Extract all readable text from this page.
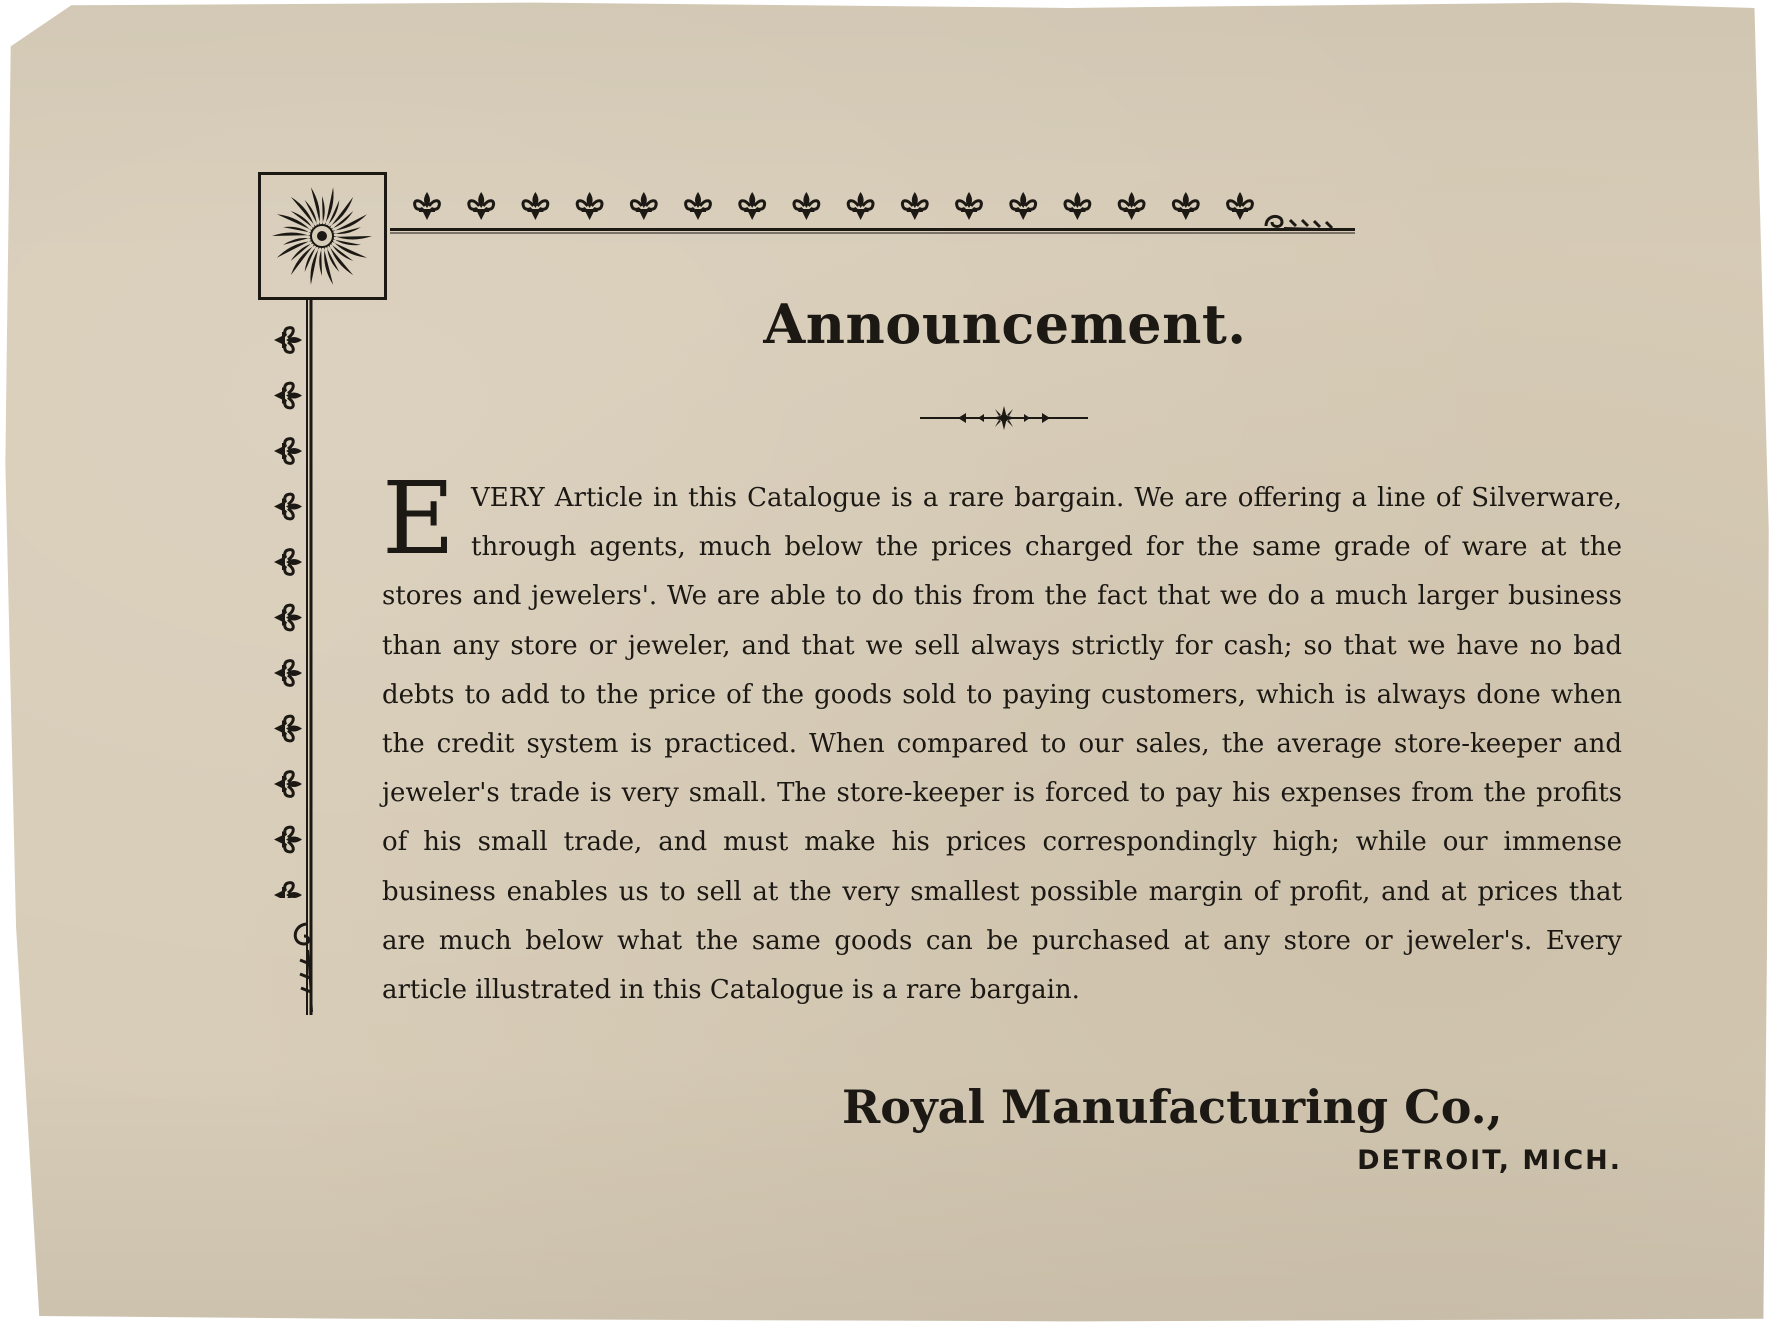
Announcement.
E VERY Article in this Catalogue is a rare bargain. We are offering a line of Silverware, through agents, much below the prices charged for the same grade of ware at the stores and jewelers'. We are able to do this from the fact that we do a much larger business than any store or jeweler, and that we sell always strictly for cash; so that we have no bad debts to add to the price of the goods sold to paying customers, which is always done when the credit system is practiced. When compared to our sales, the average store-keeper and jeweler's trade is very small. The store-keeper is forced to pay his expenses from the profits of his small trade, and must make his prices correspondingly high; while our immense business enables us to sell at the very smallest possible margin of profit, and at prices that are much below what the same goods can be purchased at any store or jeweler's. Every article illustrated in this Catalogue is a rare bargain.
Royal Manufacturing Co.,
DETROIT, MICH.
